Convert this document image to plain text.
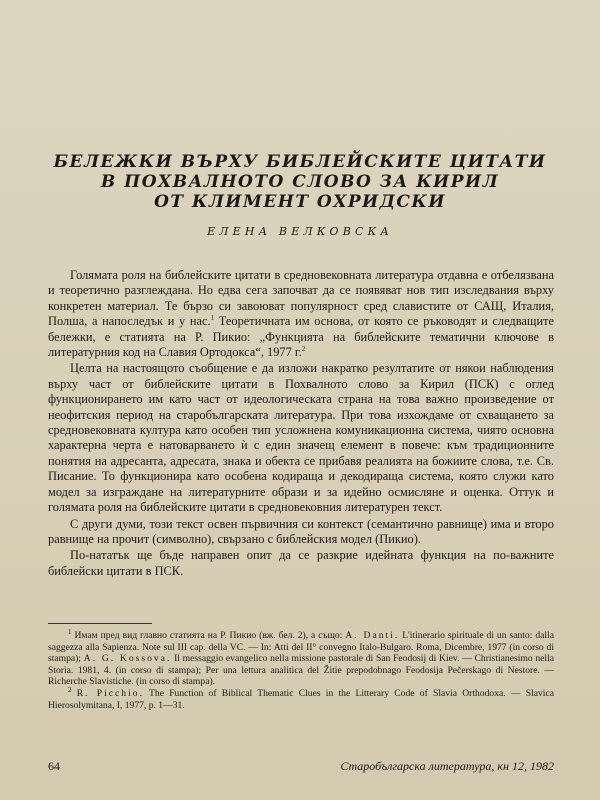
БЕЛЕЖКИ ВЪРХУ БИБЛЕЙСКИТЕ ЦИТАТИ
В ПОХВАЛНОТО СЛОВО ЗА КИРИЛ
ОТ КЛИМЕНТ ОХРИДСКИ

ЕЛЕНА ВЕЛКОВСКА

Голямата роля на библейските цитати в средновековната литература отдавна е отбелязвана и теоретично разглеждана. Но едва сега започват да се появяват нов тип изследвания върху конкретен материал. Те бързо си завоюват популярност сред славистите от САЩ, Италия, Полша, а напоследък и у нас.$^1$ Теоретичната им основа, от която се ръководят и следващите бележки, е статията на Р. Пикио: „Функцията на библейските тематични ключове в литературния код на Славия Ортодокса“, 1977 г.$^2$

Целта на настоящото съобщение е да изложи накратко резултатите от някои наблюдения върху част от библейските цитати в Похвалното слово за Кирил (ПСК) с оглед функционирането им като част от идеологическата страна на това важно произведение от неофитския период на старобългарската литература. При това изхождаме от схващането за средновековната култура като особен тип усложнена комуникационна система, чиято основна характерна черта е натоварването ѝ с един значещ елемент в повече: към традиционните понятия на адресанта, адресата, знака и обекта се прибавя реалията на божиите слова, т.е. Св. Писание. То функционира като особена кодираща и декодираща система, която служи като модел за изграждане на литературните образи и за идейно осмисляне и оценка. Оттук и голямата роля на библейските цитати в средновековния литературен текст.

С други думи, този текст освен първичния си контекст (семантично равнище) има и второ равнище на прочит (символно), свързано с библейския модел (Пикио).

По-нататък ще бъде направен опит да се разкрие идейната функция на по-важните библейски цитати в ПСК.

$^1$ Имам пред вид главно статията на Р. Пикио (вж. бел. 2), а също: A. Danti. L'itinerario spirituale di un santo: dalla saggezza alla Sapienza. Note sul III cap. della VC. — In: Atti del II° convegno Italo-Bulgaro. Roma, Dicembre, 1977 (in corso di stampa); A. G. Kossova. Il messaggio evangelico nella missione pastorale di San Feodosij di Kiev. — Christianesimo nella Storia. 1981, 4. (in corso di stampa); Per una lettura analitica del Žitie prepodobnago Feodosija Pečerskago di Nestore. — Richerche Slavistiche. (in corso di stampa).

$^2$ R. Picchio. The Function of Biblical Thematic Clues in the Litterary Code of Slavia Orthodoxa. — Slavica Hierosolymitana, I, 1977, p. 1—31.

64	Старобългарска литература, кн 12, 1982
